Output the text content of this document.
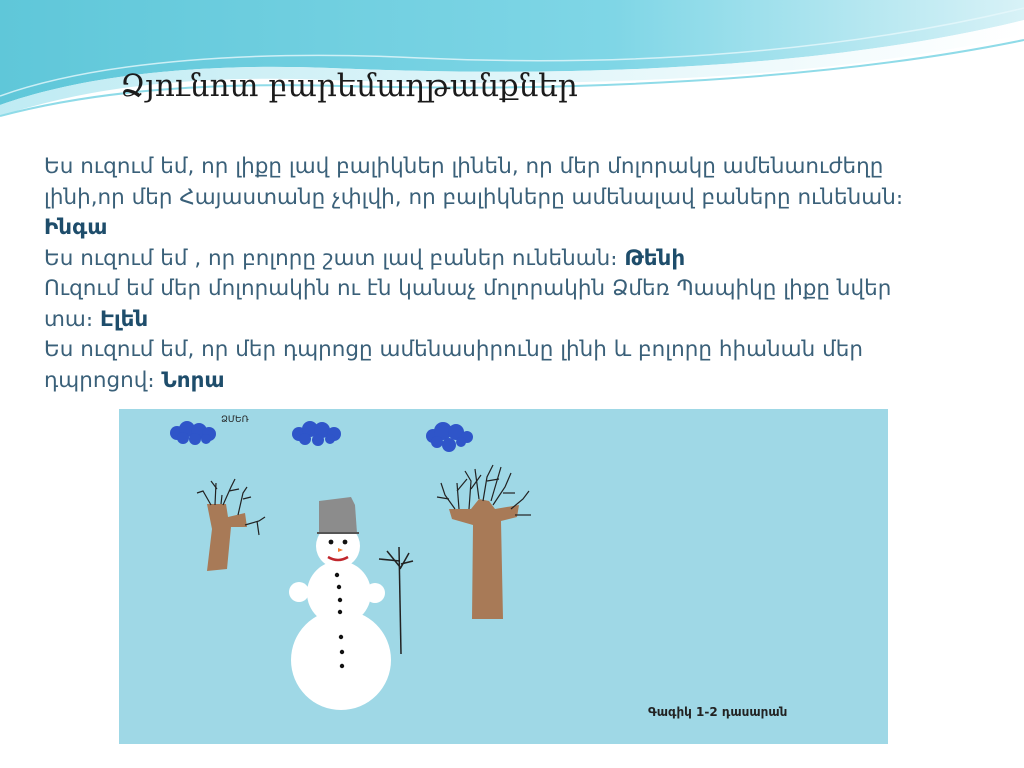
Ձյունոտ բարեմաղթանքներ

Ես ուզում եմ, որ լիքը լավ բալիկներ լինեն, որ մեր մոլորակը ամենաուժեղը լինի,որ մեր Հայաստանը չփլվի, որ բալիկները ամենալավ բաները ունենան։ Ինգա

Ես ուզում եմ , որ բոլորը շատ լավ բաներ ունենան։ Թենի

Ուզում եմ մեր մոլորակին ու էն կանաչ մոլորակին Ձմեռ Պապիկը լիքը նվեր տա։ Էլեն

Ես ուզում եմ, որ մեր դպրոցը ամենասիրունը լինի և բոլորը հիանան մեր դպրոցով։ Նորա

ՁՄԵՌ
Գագիկ 1-2 դասարան
